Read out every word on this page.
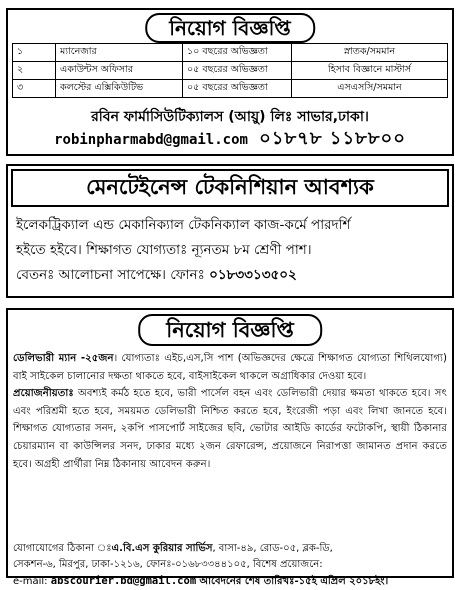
নিয়োগ বিজ্ঞপ্তি
১	ম্যানেজার	১০ বছরের অভিজ্ঞতা	স্নাতক/সমমান
২	একাউন্টস অফিসার	০৫ বছরের অভিজ্ঞতা	হিসাব বিজ্ঞানে মাস্টার্স
৩	কলস্টের এক্সিকিউটিভ	০৫ বছরের অভিজ্ঞতা	এসএসসি/সমমান
রবিন ফার্মাসিউটিক্যালস (আয়ু) লিঃ সাভার,ঢাকা।
robinpharmabd@gmail.com ০১৮৭৮ ১১৮৮০০
মেনটেইনেন্স টেকনিশিয়ান আবশ্যক
ইলেকট্রিক্যাল এন্ড মেকানিক্যাল টেকনিক্যাল কাজ-কর্মে পারদর্শি
হইতে হইবে। শিক্ষাগত যোগ্যতাঃ ন্যূনতম ৮ম শ্রেণী পাশ।
বেতনঃ আলোচনা সাপেক্ষে। ফোনঃ ০১৮৩৩১৩৫০২
নিয়োগ বিজ্ঞপ্তি

ডেলিভারী ম্যান -২৫জন। যোগ্যতাঃ এইচ,এস,সি পাশ (অভিজ্ঞদের ক্ষেত্রে শিক্ষাগত যোগ্যতা শিথিলযোগ্য) বাই সাইকেল চালানোর দক্ষতা থাকতে হবে, বাইসাইকেল থাকলে অগ্রাধিকার দেওয়া হবে।

প্রয়োজনীয়তাঃ অবশ্যই কর্মঠ হতে হবে, ভারী পার্সেল বহন এবং ডেলিভারী দেয়ার ক্ষমতা থাকতে হবে। সৎ এবং পরিশ্রমী হতে হবে, সময়মত ডেলিভারী নিশ্চিত করতে হবে, ইংরেজী পড়া এবং লিখা জানতে হবে। শিক্ষাগত যোগ্যতার সনদ, ২কপি পাসপোর্ট সাইজের ছবি, ভোটার আইডি কার্ডের ফটোকপি, স্থায়ী ঠিকানার চেয়ারম্যান বা কাউন্সিলর সনদ, ঢাকার মধ্যে ২জন রেফারেন্স, প্রয়োজনে নিরাপত্তা জামানত প্রদান করতে হবে। অগ্রহী প্রার্থীরা নিম্ন ঠিকানায় আবেদন করুন।

যোগাযোগের ঠিকানা ঃএ.বি.এস কুরিয়ার সার্ভিস, বাসা-৪৯, রোড-০৫, ব্লক-ডি,
সেকশন-৬, মিরপুর, ঢাকা-১২১৬, ফোনঃ-০১৬৮৩৩৪৪১০৫, বিশেষ প্রয়োজনে:
e-mail: abscourier.bd@gmail.com আবেদনের শেষ তারিখঃ-১৫ই এপ্রিল ২০১৮ইং।
